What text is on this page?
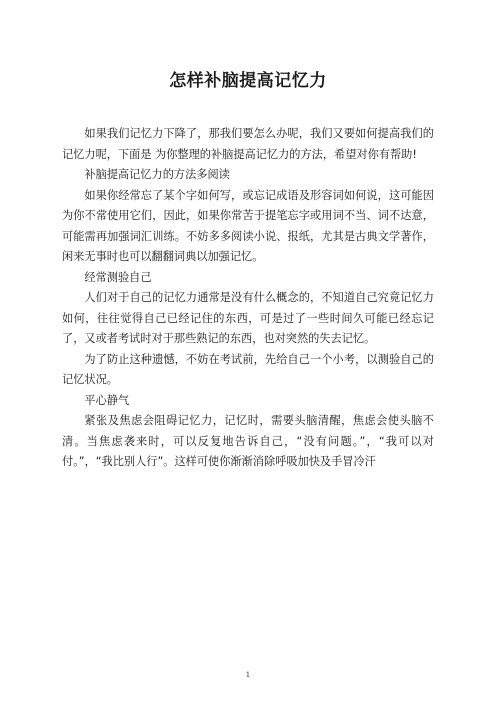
怎样补脑提高记忆力

如果我们记忆力下降了，那我们要怎么办呢，我们又要如何提高我们的记忆力呢，下面是 为你整理的补脑提高记忆力的方法，希望对你有帮助!

补脑提高记忆力的方法多阅读

如果你经常忘了某个字如何写，或忘记成语及形容词如何说，这可能因为你不常使用它们，因此，如果你常苦于提笔忘字或用词不当、词不达意，可能需再加强词汇训练。不妨多多阅读小说、报纸，尤其是古典文学著作，闲来无事时也可以翻翻词典以加强记忆。

经常测验自己

人们对于自己的记忆力通常是没有什么概念的，不知道自己究竟记忆力如何，往往觉得自己已经记住的东西，可是过了一些时间久可能已经忘记了，又或者考试时对于那些熟记的东西，也对突然的失去记忆。

为了防止这种遗憾，不妨在考试前，先给自己一个小考，以测验自己的记忆状况。

平心静气

紧张及焦虑会阻碍记忆力，记忆时，需要头脑清醒，焦虑会使头脑不清。当焦虑袭来时，可以反复地告诉自己，“没有问题。”，“我可以对付。”，“我比别人行”。这样可使你渐渐消除呼吸加快及手冒冷汗

1
